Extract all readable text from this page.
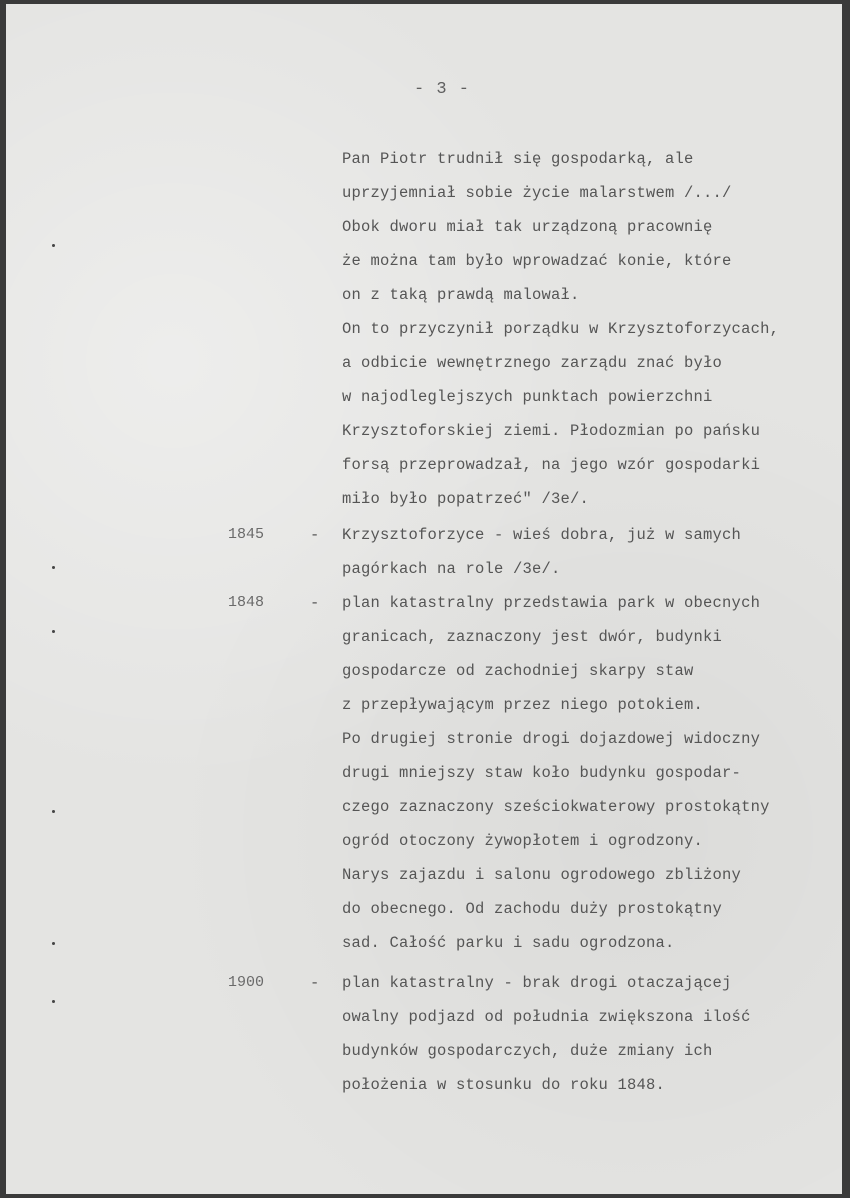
- 3 -
Pan Piotr trudnił się gospodarką, ale
uprzyjemniał sobie życie malarstwem /.../
Obok dworu miał tak urządzoną pracownię
że można tam było wprowadzać konie, które
on z taką prawdą malował.
On to przyczynił porządku w Krzysztoforzycach,
a odbicie wewnętrznego zarządu znać było
w najodleglejszych punktach powierzchni
Krzysztoforskiej ziemi. Płodozmian po pańsku
forsą przeprowadzał, na jego wzór gospodarki
miło było popatrzeć" /3e/.
1845	- Krzysztoforzyce - wieś dobra, już w samych
pagórkach na role /3e/.
1848	- plan katastralny przedstawia park w obecnych
granicach, zaznaczony jest dwór, budynki
gospodarcze od zachodniej skarpy staw
z przepływającym przez niego potokiem.
Po drugiej stronie drogi dojazdowej widoczny
drugi mniejszy staw koło budynku gospodar-
czego zaznaczony sześciokwaterowy prostokątny
ogród otoczony żywopłotem i ogrodzony.
Narys zajazdu i salonu ogrodowego zbliżony
do obecnego. Od zachodu duży prostokątny
sad. Całość parku i sadu ogrodzona.
1900	- plan katastralny - brak drogi otaczającej
owalny podjazd od południa zwiększona ilość
budynków gospodarczych, duże zmiany ich
położenia w stosunku do roku 1848.
